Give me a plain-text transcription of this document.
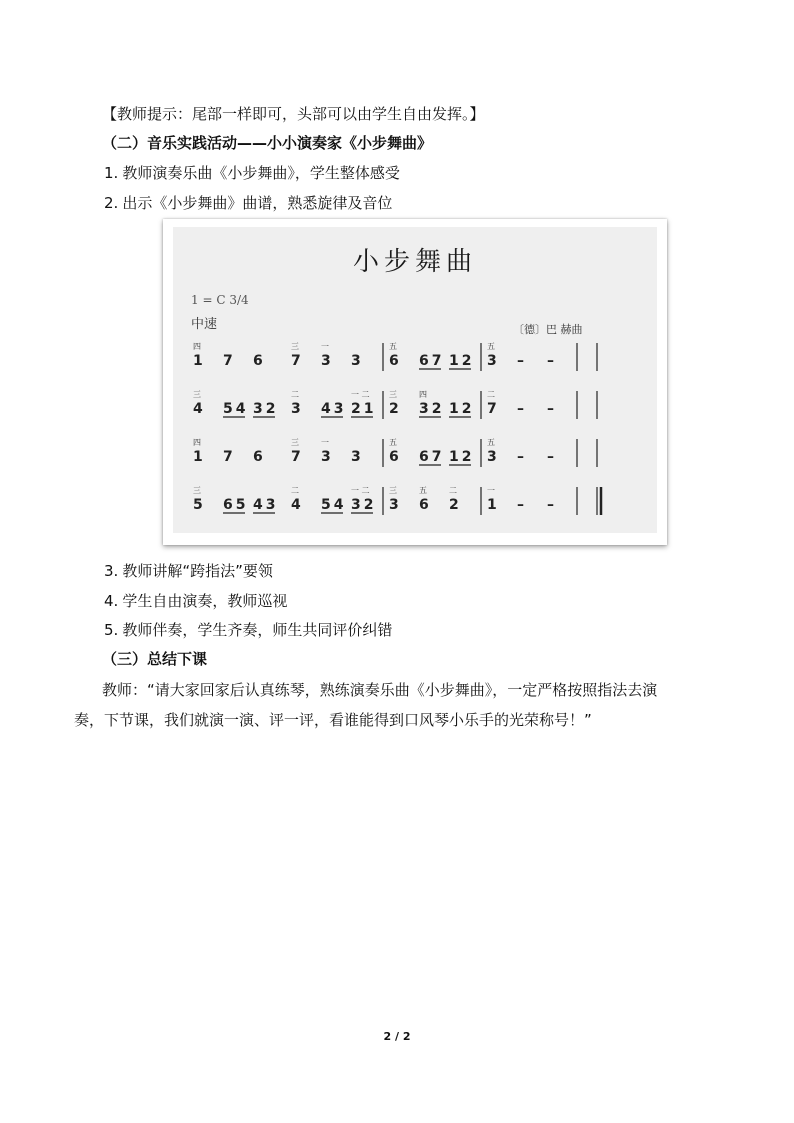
【教师提示：尾部一样即可，头部可以由学生自由发挥。】
（二）音乐实践活动——小小演奏家《小步舞曲》
1. 教师演奏乐曲《小步舞曲》，学生整体感受
2. 出示《小步舞曲》曲谱，熟悉旋律及音位
小步舞曲
1 = C 3/4
中速	〔德〕巴 赫曲
1
四
7 6 7
三
3
一
3 6
五
67 12 3
五
– –
4
三
54 32 3
二
43 21
一 二
2
三
32
四
12 7
二
– –
1
四
7 6 7
三
3
一
3 6
五
67 12 3
五
– –
5
三
65 43 4
二
54 32
一 二
3
三
6
五
2
二
1
一
– –
3. 教师讲解“跨指法”要领
4. 学生自由演奏，教师巡视
5. 教师伴奏，学生齐奏，师生共同评价纠错
（三）总结下课
教师：“请大家回家后认真练琴，熟练演奏乐曲《小步舞曲》，一定严格按照指法去演
奏，下节课，我们就演一演、评一评，看谁能得到口风琴小乐手的光荣称号！”
2 / 2
